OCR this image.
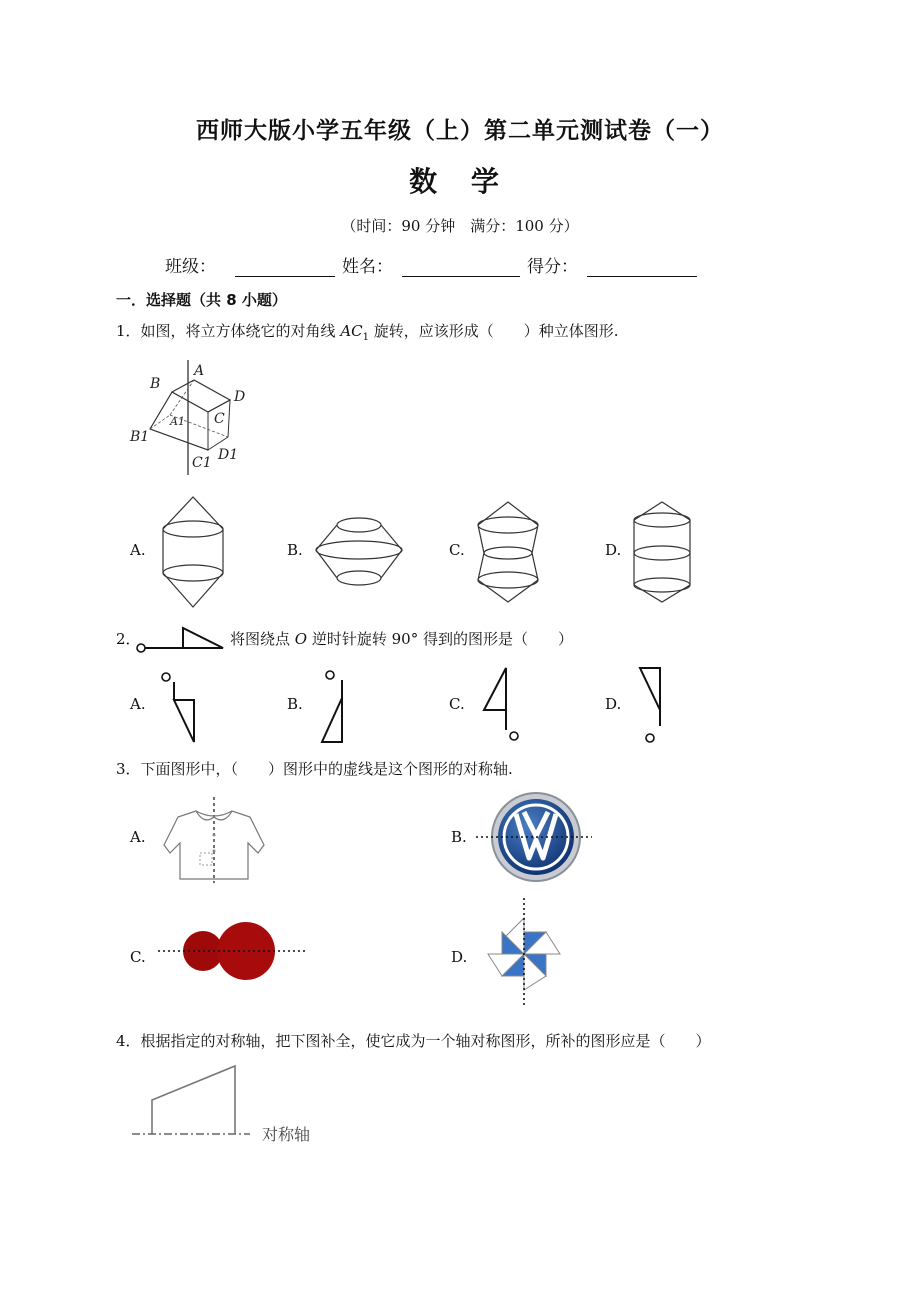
西师大版小学五年级（上）第二单元测试卷（一）
数 学
（时间：90 分钟　满分：100 分）
班级：	姓名：	得分：
一．选择题（共 8 小题）
1．如图，将立方体绕它的对角线 $AC_1$ 旋转，应该形成（　　）种立体图形.
A
B
D
A1 C
B1
C1 D1
A.	B.	C.	D.
2．	将图绕点 O 逆时针旋转 90° 得到的图形是（　　）
A.	B.	C.	D.
3．下面图形中，（　　）图形中的虚线是这个图形的对称轴.
A.	B.
C.	D.
4．根据指定的对称轴，把下图补全，使它成为一个轴对称图形，所补的图形应是（　　）
对称轴
